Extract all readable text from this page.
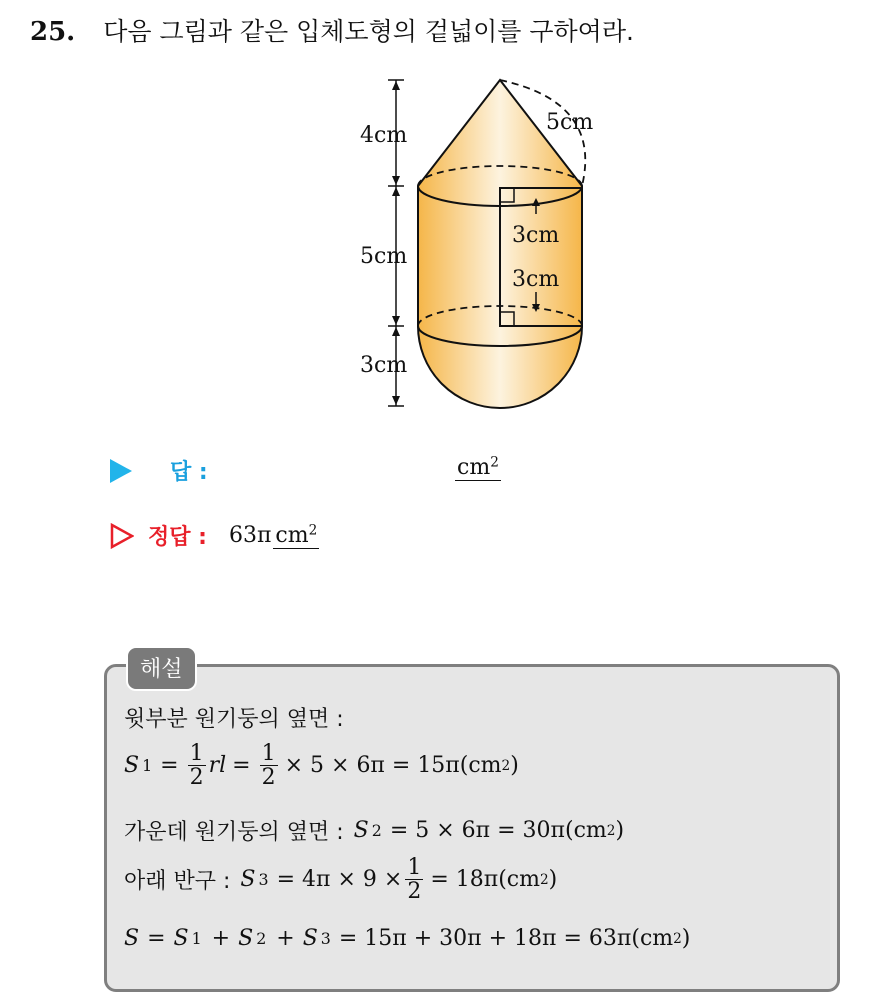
25. 다음 그림과 같은 입체도형의 겉넓이를 구하여라.
4cm
5cm
5cm
3cm
3cm
3cm
답 :	$cm^2$
정답 : 63π $cm^2$
해설
윗부분 원기둥의 옆면 :
S $1 = \frac{1}{2}$ rl = $\frac{1}{2} \times 5 \times 6\pi = 15\pi(cm$ 2 )
가운데 원기둥의 옆면 : S 2 = 5 × 6π = 30π(cm 2 )
아래 반구 : S $3 = 4\pi \times 9 \times \frac{1}{2} = 18\pi(cm$ 2 )
S = S 1 + S 2 + S 3 = 15π + 30π + 18π = 63π(cm 2 )
